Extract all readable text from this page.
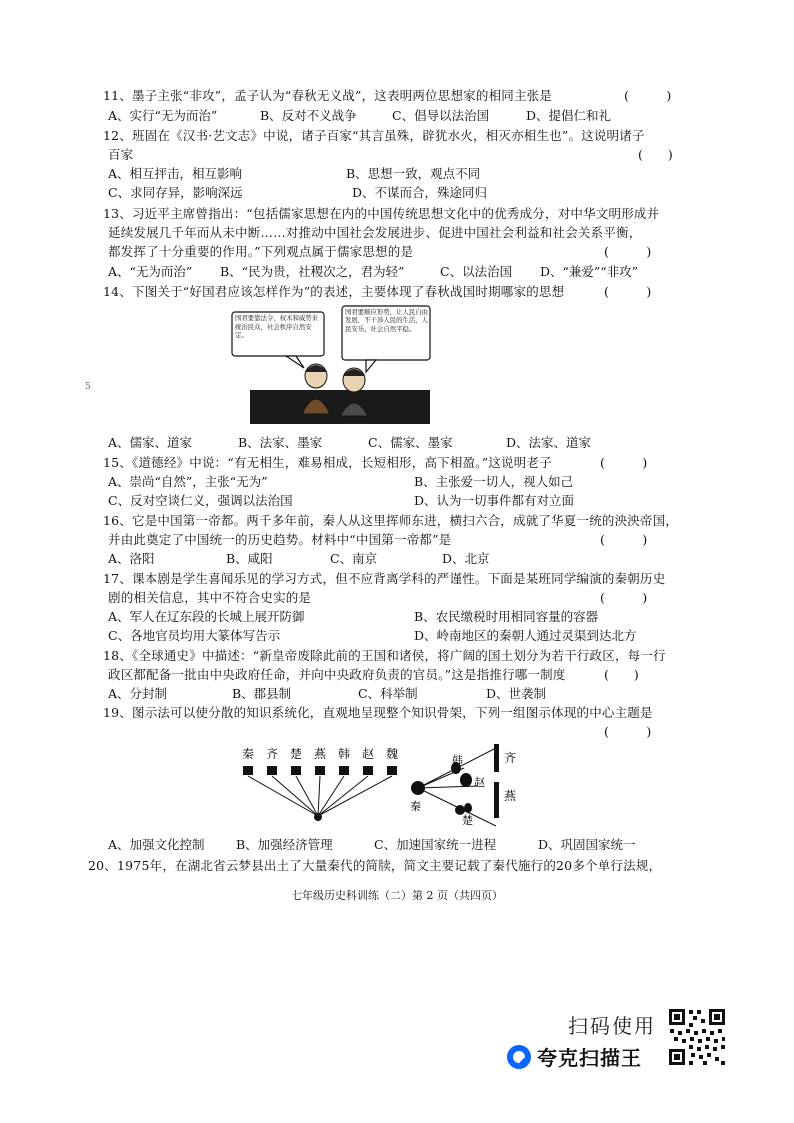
11、墨子主张“非攻”，孟子认为“春秋无义战”，这表明两位思想家的相同主张是	(　　　)
A、实行“无为而治”	B、反对不义战争	C、倡导以法治国	D、提倡仁和礼
12、班固在《汉书·艺文志》中说，诸子百家“其言虽殊，辟犹水火，相灭亦相生也”。这说明诸子
百家	(　　)
A、相互抨击，相互影响	B、思想一致，观点不同
C、求同存异，影响深远	D、不谋而合，殊途同归
13、习近平主席曾指出：“包括儒家思想在内的中国传统思想文化中的优秀成分，对中华文明形成并
延续发展几千年而从未中断……对推动中国社会发展进步、促进中国社会利益和社会关系平衡，
都发挥了十分重要的作用。”下列观点属于儒家思想的是	(　　　)
A、“无为而治” B、“民为贵，社稷次之，君为轻”	C、以法治国 D、“兼爱”“非攻”
14、下图关于“好国君应该怎样作为”的表述，主要体现了春秋战国时期哪家的思想	(　　　)
国君要靠法令、权术和威势来统治民众，社会秩序自然安定。
国君要顺应形势，让人民自由发展，不干涉人民的生活，人民安乐，社会自然平稳。
5
A、儒家、道家	B、法家、墨家	C、儒家、墨家	D、法家、道家
15、《道德经》中说：“有无相生，难易相成，长短相形，高下相盈。”这说明老子	(　　　)
A、崇尚“自然”，主张“无为”	B、主张爱一切人，视人如己
C、反对空谈仁义，强调以法治国	D、认为一切事件都有对立面
16、它是中国第一帝都。两千多年前，秦人从这里挥师东进，横扫六合，成就了华夏一统的泱泱帝国，
并由此奠定了中国统一的历史趋势。材料中“中国第一帝都”是	(　　　)
A、洛阳	B、咸阳	C、南京	D、北京
17、课本剧是学生喜闻乐见的学习方式，但不应背离学科的严谨性。下面是某班同学编演的秦朝历史
剧的相关信息，其中不符合史实的是	(　　　)
A、军人在辽东段的长城上展开防御	B、农民缴税时用相同容量的容器
C、各地官员均用大篆体写告示	D、岭南地区的秦朝人通过灵渠到达北方
18、《全球通史》中描述：“新皇帝废除此前的王国和诸侯，将广阔的国土划分为若干行政区，每一行
政区都配备一批由中央政府任命，并向中央政府负责的官员。”这是指推行哪一制度	(　　)
A、分封制	B、郡县制	C、科举制	D、世袭制
19、图示法可以使分散的知识系统化，直观地呈现整个知识骨架，下列一组图示体现的中心主题是
(　　　)
秦 齐 楚 燕 韩 赵 魏	齐
韩
赵
燕
秦
楚
A、加强文化控制	B、加强经济管理	C、加速国家统一进程	D、巩固国家统一
20、1975年，在湖北省云梦县出土了大量秦代的简牍，简文主要记载了秦代施行的20多个单行法规，
七年级历史科训练（二）第 2 页（共四页）
扫码使用
夸克扫描王
